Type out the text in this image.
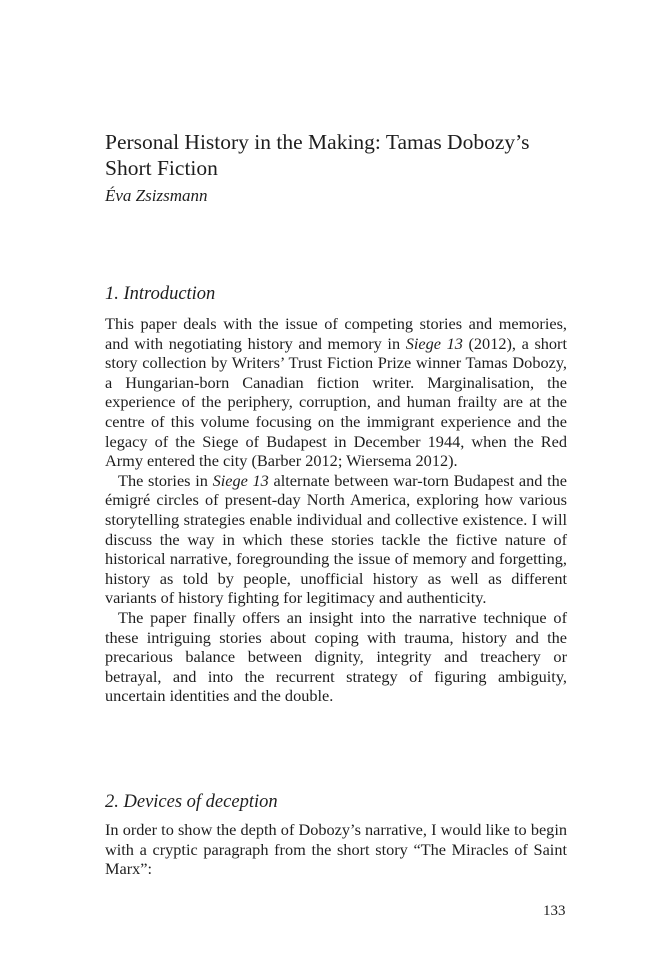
Personal History in the Making: Tamas Dobozy’s Short Fiction
Éva Zsizsmann
1. Introduction

This paper deals with the issue of competing stories and memories, and with negotiating history and memory in Siege 13 (2012), a short story collection by Writers’ Trust Fiction Prize winner Tamas Dobozy, a Hungarian-born Canadian fiction writer. Marginalisation, the experience of the periphery, corruption, and human frailty are at the centre of this volume focusing on the immigrant experience and the legacy of the Siege of Budapest in December 1944, when the Red Army entered the city (Barber 2012; Wiersema 2012).

The stories in Siege 13 alternate between war-torn Budapest and the émigré circles of present-day North America, exploring how various storytelling strategies enable individual and collective existence. I will discuss the way in which these stories tackle the fictive nature of historical narrative, foregrounding the issue of memory and forgetting, history as told by people, unofficial history as well as different variants of history fighting for legitimacy and authenticity.

The paper finally offers an insight into the narrative technique of these intriguing stories about coping with trauma, history and the precarious balance between dignity, integrity and treachery or betrayal, and into the recurrent strategy of figuring ambiguity, uncertain identities and the double.

2. Devices of deception

In order to show the depth of Dobozy’s narrative, I would like to begin with a cryptic paragraph from the short story “The Miracles of Saint Marx”:

133
